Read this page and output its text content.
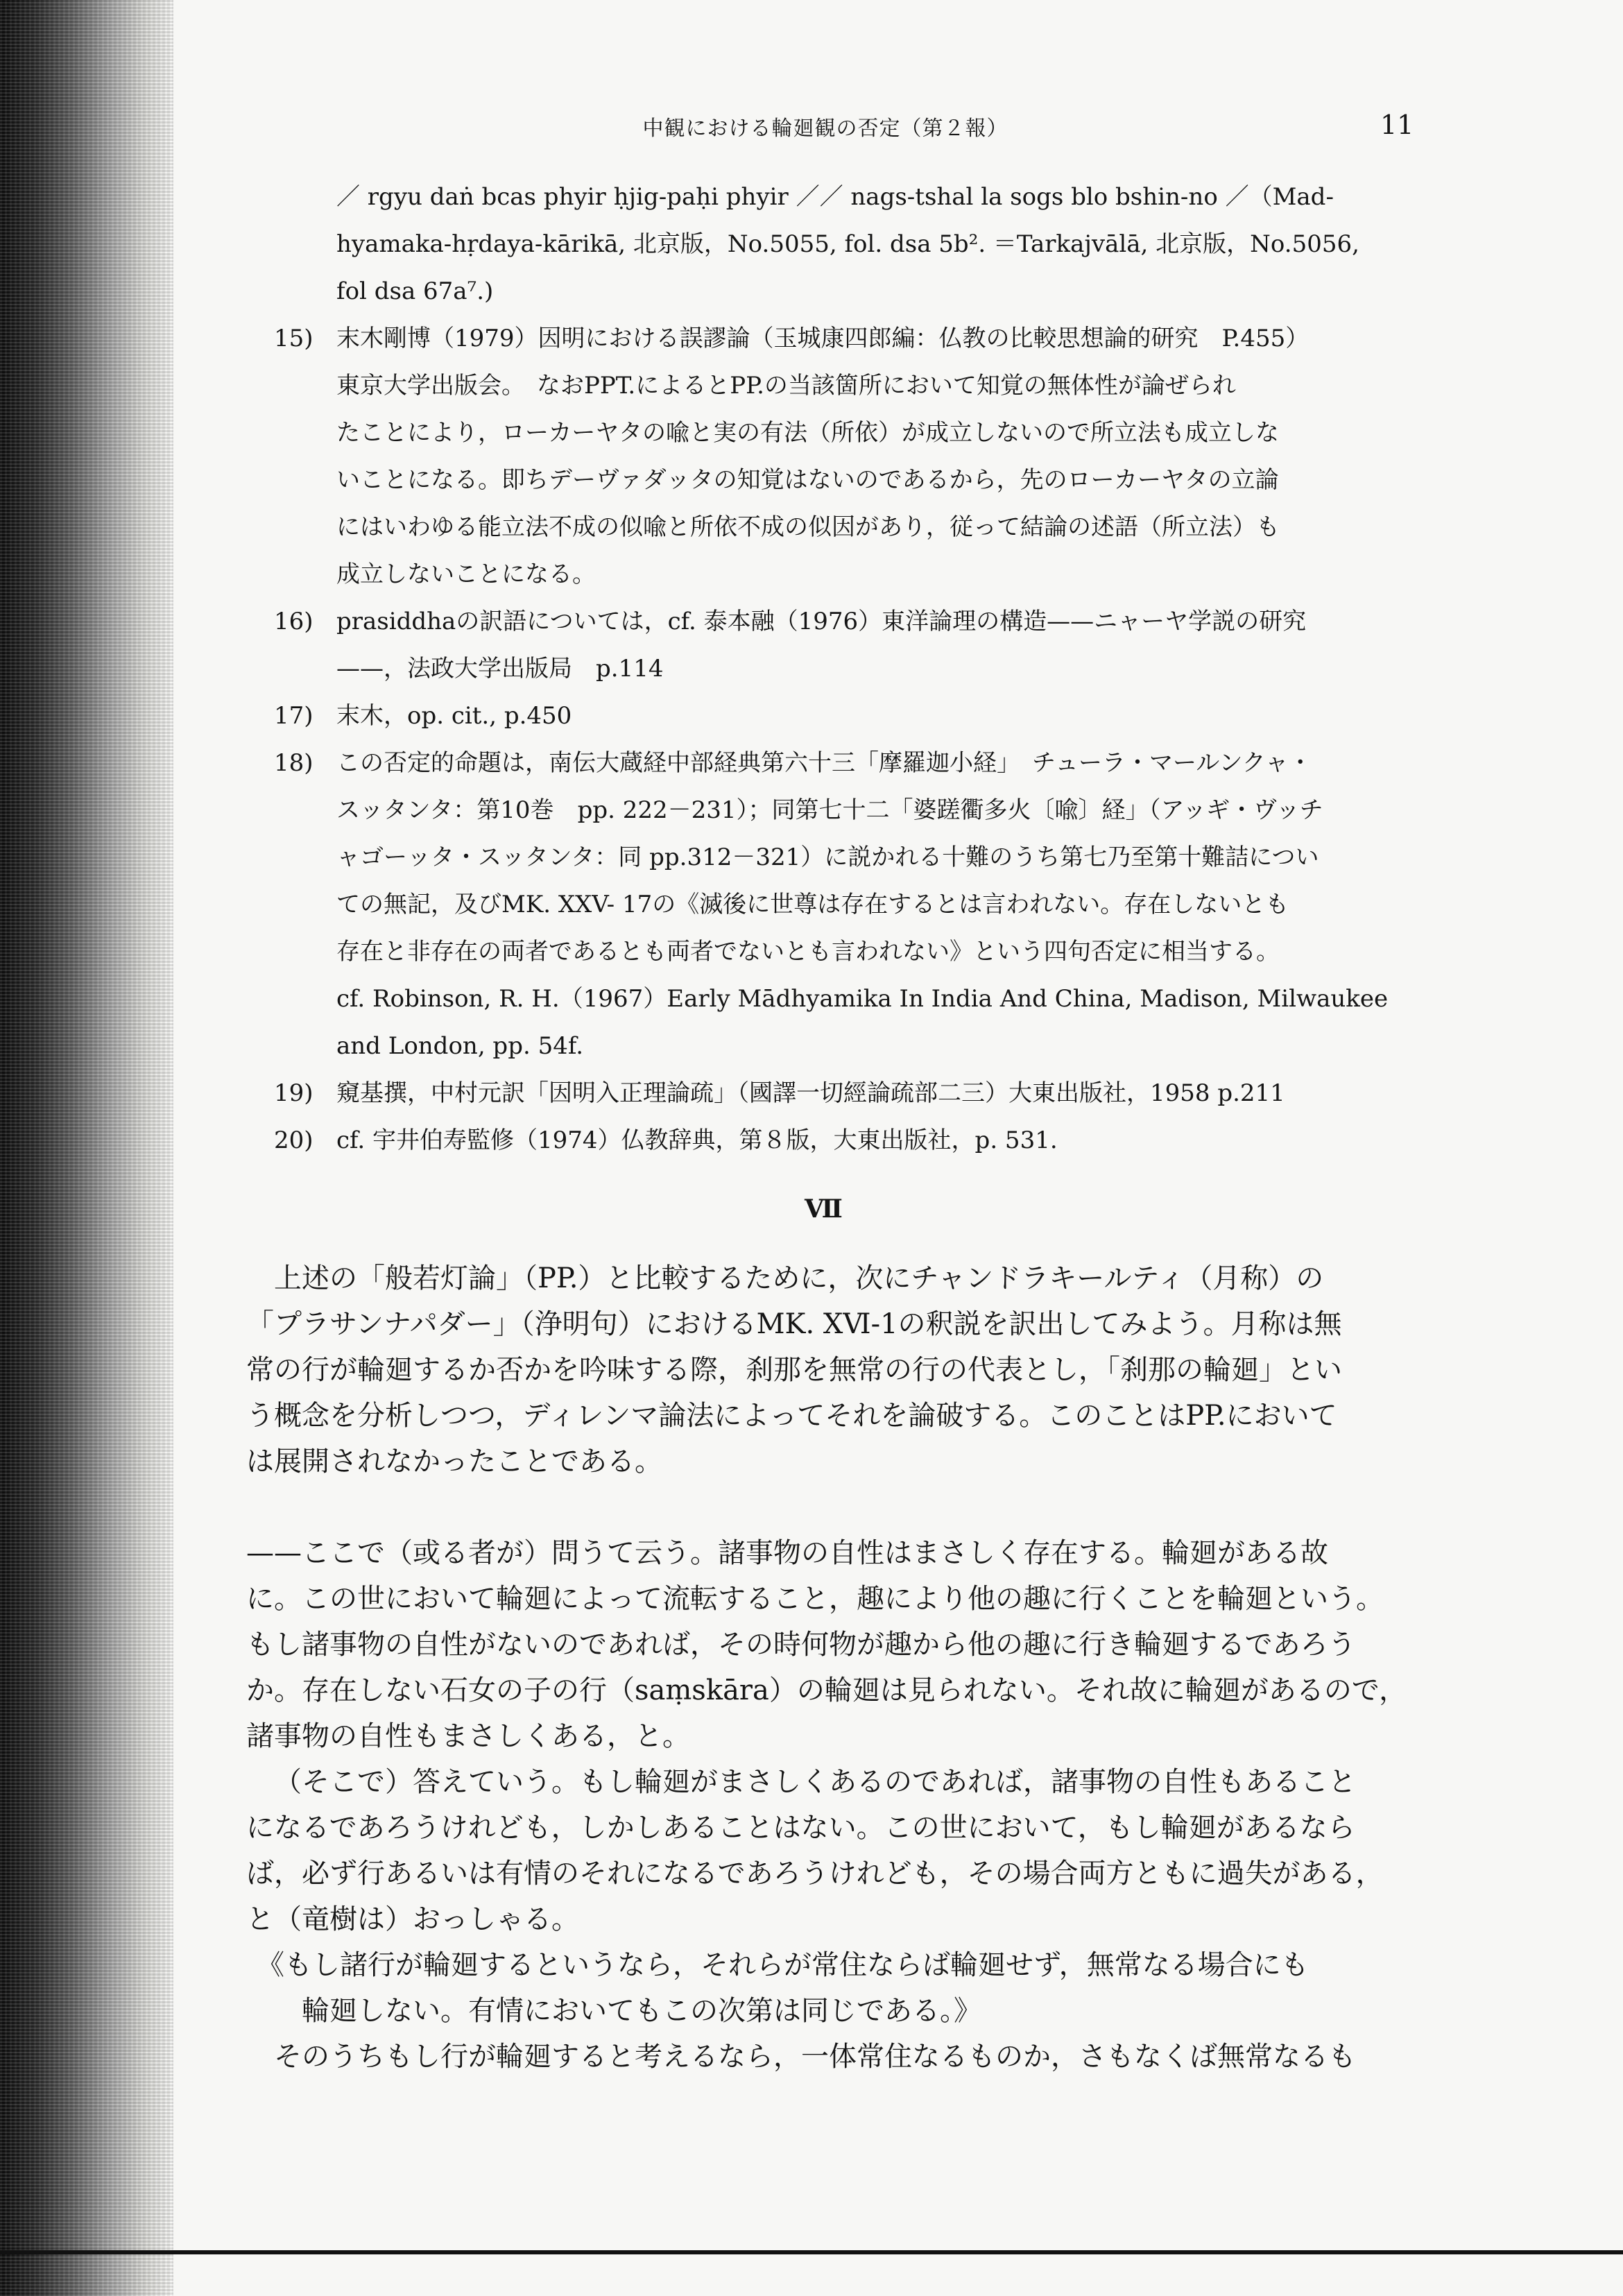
中観における輪廻観の否定（第２報）	11
／ rgyu daṅ bcas phyir ḥjig-paḥi phyir ／／ nags-tshal la sogs blo bshin-no ／（Mad-
hyamaka-hṛdaya-kārikā, 北京版，No.5055, fol. dsa 5b². ＝Tarkajvālā, 北京版，No.5056,
fol dsa 67a⁷.)
15) 末木剛博（1979）因明における誤謬論（玉城康四郎編：仏教の比較思想論的研究　P.455）
東京大学出版会。　なおPPT.によるとPP.の当該箇所において知覚の無体性が論ぜられ
たことにより，ローカーヤタの喩と実の有法（所依）が成立しないので所立法も成立しな
いことになる。即ちデーヴァダッタの知覚はないのであるから，先のローカーヤタの立論
にはいわゆる能立法不成の似喩と所依不成の似因があり，従って結論の述語（所立法）も
成立しないことになる。
16) prasiddhaの訳語については，cf. 泰本融（1976）東洋論理の構造——ニャーヤ学説の研究
——，法政大学出版局　p.114
17) 末木，op. cit., p.450
18) この否定的命題は，南伝大蔵経中部経典第六十三「摩羅迦小経」　チューラ・マールンクャ・
スッタンタ：第10巻　pp. 222－231）；同第七十二「婆蹉衢多火〔喩〕経」（アッギ・ヴッチ
ャゴーッタ・スッタンタ：同 pp.312－321）に説かれる十難のうち第七乃至第十難詰につい
ての無記，及びMK. XXV- 17の《滅後に世尊は存在するとは言われない。存在しないとも
存在と非存在の両者であるとも両者でないとも言われない》という四句否定に相当する。
cf. Robinson, R. H.（1967）Early Mādhyamika In India And China, Madison, Milwaukee
and London, pp. 54f.
19) 窺基撰，中村元訳「因明入正理論疏」（國譯一切經論疏部二三）大東出版社，1958 p.211
20) cf. 宇井伯寿監修（1974）仏教辞典，第８版，大東出版社，p. 531.
Ⅶ

上述の「般若灯論」（PP.）と比較するために，次にチャンドラキールティ（月称）の

「プラサンナパダー」（浄明句）におけるMK. XⅥ-1の釈説を訳出してみよう。月称は無

常の行が輪廻するか否かを吟味する際，刹那を無常の行の代表とし，「刹那の輪廻」とい

う概念を分析しつつ，ディレンマ論法によってそれを論破する。このことはPP.において

は展開されなかったことである。

——ここで（或る者が）問うて云う。諸事物の自性はまさしく存在する。輪廻がある故

に。この世において輪廻によって流転すること，趣により他の趣に行くことを輪廻という。

もし諸事物の自性がないのであれば，その時何物が趣から他の趣に行き輪廻するであろう

か。存在しない石女の子の行（saṃskāra）の輪廻は見られない。それ故に輪廻があるので，

諸事物の自性もまさしくある，と。

（そこで）答えていう。もし輪廻がまさしくあるのであれば，諸事物の自性もあること

になるであろうけれども，しかしあることはない。この世において，もし輪廻があるなら

ば，必ず行あるいは有情のそれになるであろうけれども，その場合両方ともに過失がある，

と（竜樹は）おっしゃる。

《もし諸行が輪廻するというなら，それらが常住ならば輪廻せず，無常なる場合にも

輪廻しない。有情においてもこの次第は同じである。》

そのうちもし行が輪廻すると考えるなら，一体常住なるものか，さもなくば無常なるも
